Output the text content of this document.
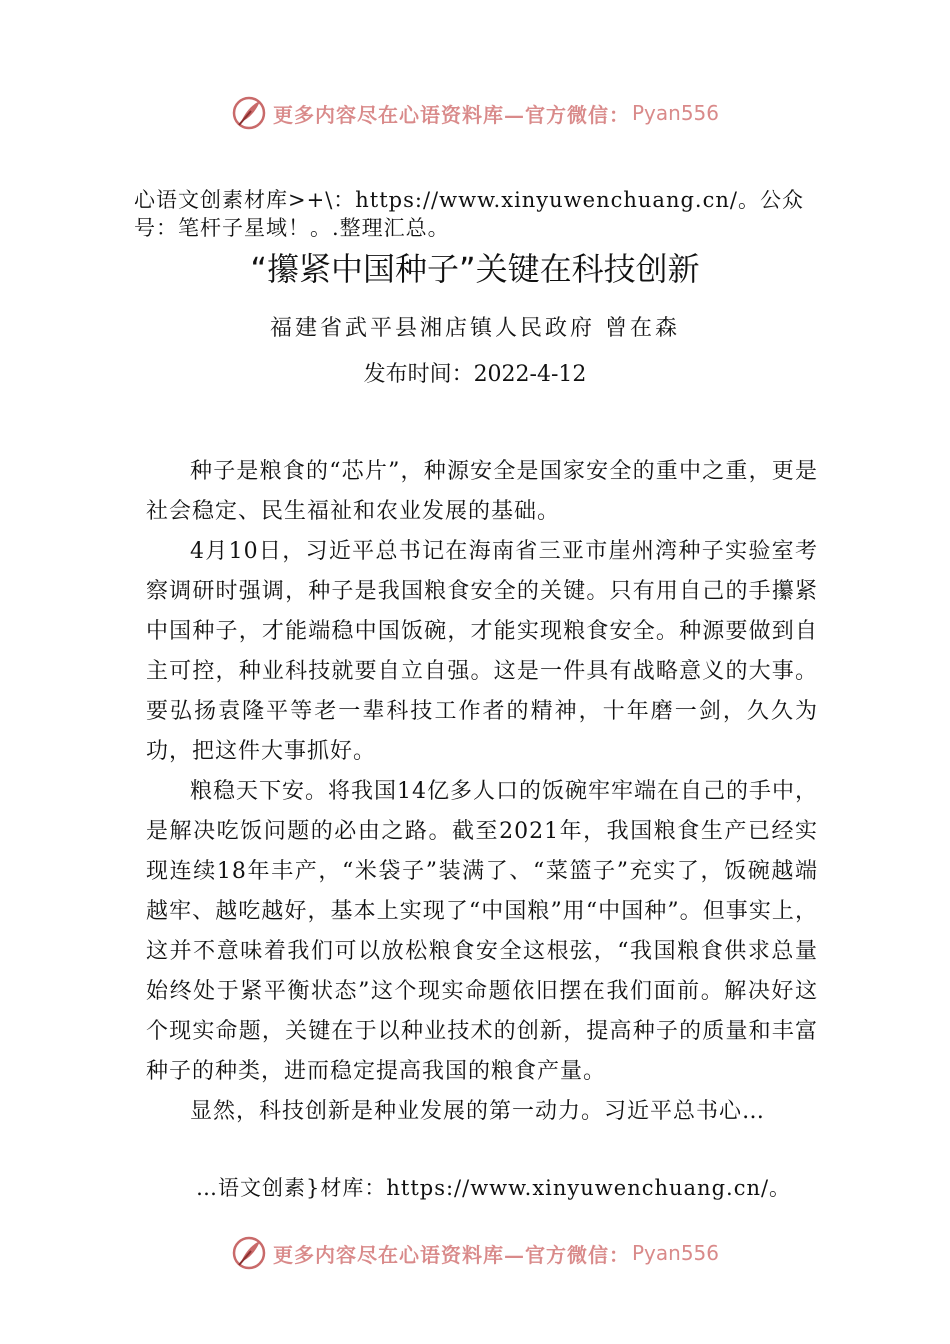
更多内容尽在心语资料库—官方微信： Pyan556
心语文创素材库>+\：https://www.xinyuwenchuang.cn/。公众号：笔杆子星域！。.整理汇总。
“攥紧中国种子”关键在科技创新
福建省武平县湘店镇人民政府 曾在森
发布时间：2022-4-12

种子是粮食的“芯片”，种源安全是国家安全的重中之重，更是社会稳定、民生福祉和农业发展的基础。

4月10日，习近平总书记在海南省三亚市崖州湾种子实验室考察调研时强调，种子是我国粮食安全的关键。只有用自己的手攥紧中国种子，才能端稳中国饭碗，才能实现粮食安全。种源要做到自主可控，种业科技就要自立自强。这是一件具有战略意义的大事。要弘扬袁隆平等老一辈科技工作者的精神，十年磨一剑，久久为功，把这件大事抓好。

粮稳天下安。将我国14亿多人口的饭碗牢牢端在自己的手中，是解决吃饭问题的必由之路。截至2021年，我国粮食生产已经实现连续18年丰产，“米袋子”装满了、“菜篮子”充实了，饭碗越端越牢、越吃越好，基本上实现了“中国粮”用“中国种”。但事实上，这并不意味着我们可以放松粮食安全这根弦，“我国粮食供求总量始终处于紧平衡状态”这个现实命题依旧摆在我们面前。解决好这个现实命题，关键在于以种业技术的创新，提高种子的质量和丰富种子的种类，进而稳定提高我国的粮食产量。

显然，科技创新是种业发展的第一动力。习近平总书心…

…语文创素}材库：https://www.xinyuwenchuang.cn/。
更多内容尽在心语资料库—官方微信： Pyan556
